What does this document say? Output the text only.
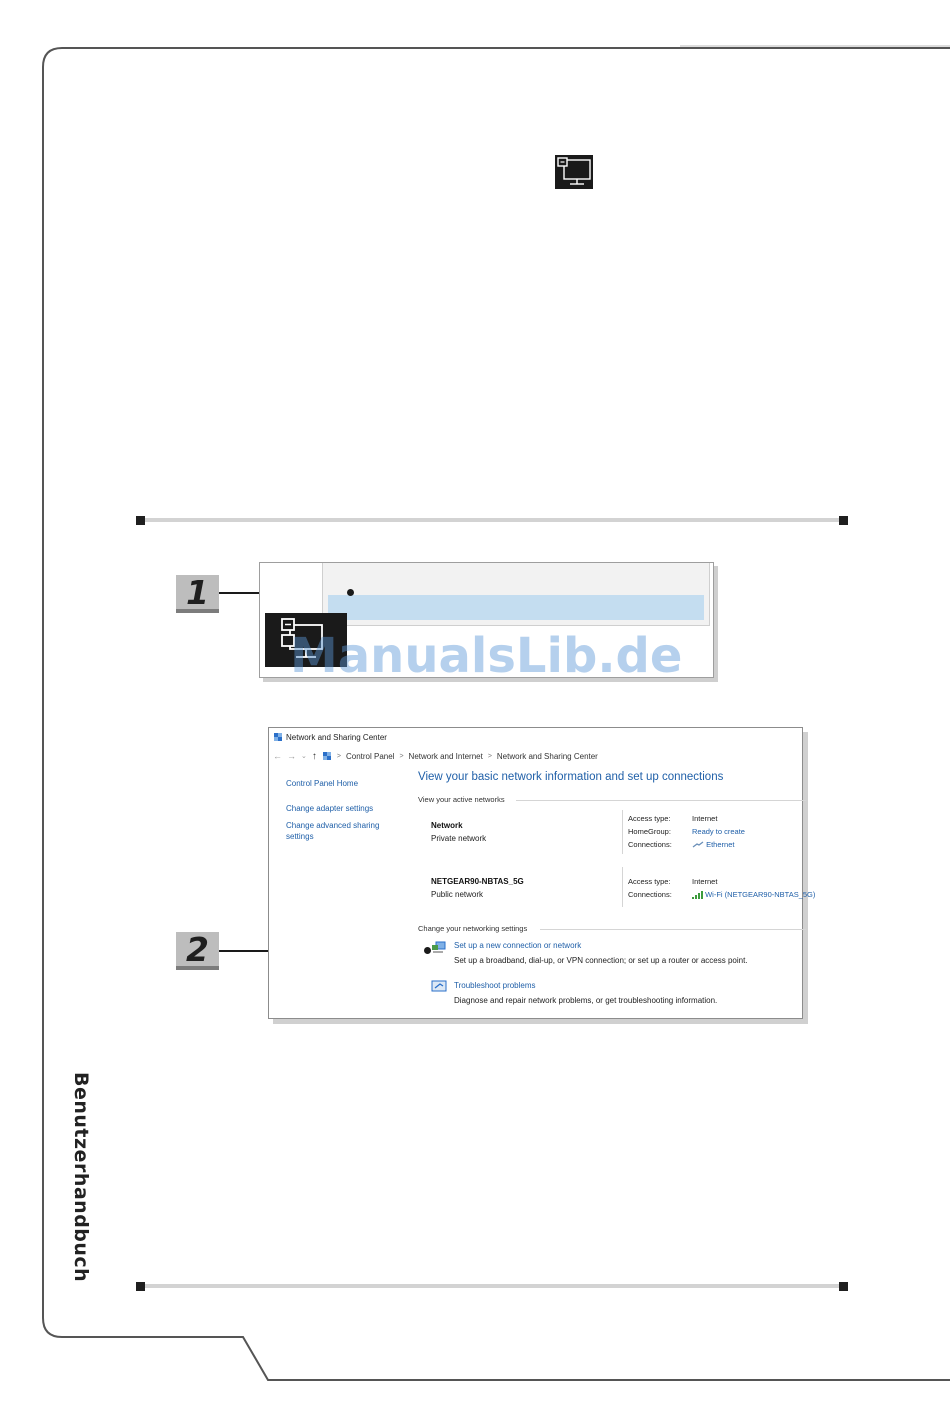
Benutzerhandbuch
1
ManualsLib.de
2
Network and Sharing Center
← → ⌄ ↑	> Control Panel > Network and Internet > Network and Sharing Center
Control Panel Home
Change adapter settings
Change advanced sharing
settings
View your basic network information and set up connections
View your active networks
Network
Private network
Access type:	Internet
HomeGroup:	Ready to create
Connections:	Ethernet
NETGEAR90-NBTAS_5G
Public network
Access type:	Internet
Connections:	Wi-Fi (NETGEAR90-NBTAS_5G)
Change your networking settings
Set up a new connection or network
Set up a broadband, dial-up, or VPN connection; or set up a router or access point.
Troubleshoot problems
Diagnose and repair network problems, or get troubleshooting information.
